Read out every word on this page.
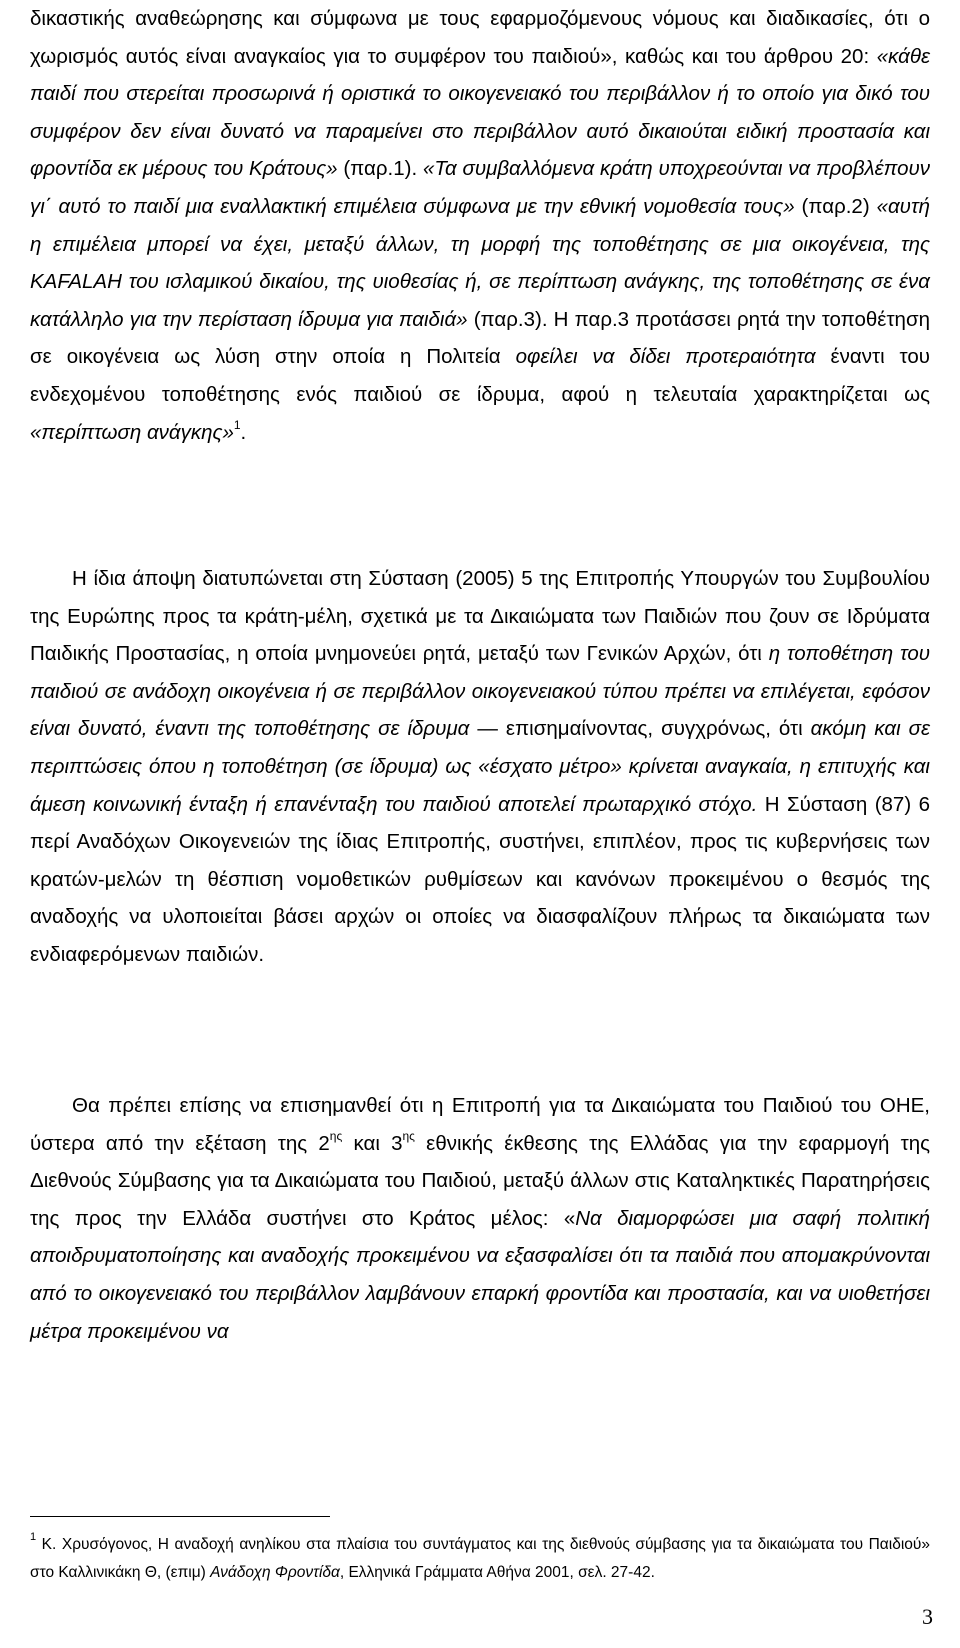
δικαστικής αναθεώρησης και σύμφωνα με τους εφαρμοζόμενους νόμους και διαδικασίες, ότι ο χωρισμός αυτός είναι αναγκαίος για το συμφέρον του παιδιού», καθώς και του άρθρου 20: «κάθε παιδί που στερείται προσωρινά ή οριστικά το οικογενειακό του περιβάλλον ή το οποίο για δικό του συμφέρον δεν είναι δυνατό να παραμείνει στο περιβάλλον αυτό δικαιούται ειδική προστασία και φροντίδα εκ μέρους του Κράτους» (παρ.1). «Τα συμβαλλόμενα κράτη υποχρεούνται να προβλέπουν γι΄ αυτό το παιδί μια εναλλακτική επιμέλεια σύμφωνα με την εθνική νομοθεσία τους» (παρ.2) «αυτή η επιμέλεια μπορεί να έχει, μεταξύ άλλων, τη μορφή της τοποθέτησης σε μια οικογένεια, της KAFALAH του ισλαμικού δικαίου, της υιοθεσίας ή, σε περίπτωση ανάγκης, της τοποθέτησης σε ένα κατάλληλο για την περίσταση ίδρυμα για παιδιά» (παρ.3). Η παρ.3 προτάσσει ρητά την τοποθέτηση σε οικογένεια ως λύση στην οποία η Πολιτεία οφείλει να δίδει προτεραιότητα έναντι του ενδεχομένου τοποθέτησης ενός παιδιού σε ίδρυμα, αφού η τελευταία χαρακτηρίζεται ως «περίπτωση ανάγκης»$^1$.

Η ίδια άποψη διατυπώνεται στη Σύσταση (2005) 5 της Επιτροπής Υπουργών του Συμβουλίου της Ευρώπης προς τα κράτη-μέλη, σχετικά με τα Δικαιώματα των Παιδιών που ζουν σε Ιδρύματα Παιδικής Προστασίας, η οποία μνημονεύει ρητά, μεταξύ των Γενικών Αρχών, ότι η τοποθέτηση του παιδιού σε ανάδοχη οικογένεια ή σε περιβάλλον οικογενειακού τύπου πρέπει να επιλέγεται, εφόσον είναι δυνατό, έναντι της τοποθέτησης σε ίδρυμα — επισημαίνοντας, συγχρόνως, ότι ακόμη και σε περιπτώσεις όπου η τοποθέτηση (σε ίδρυμα) ως «έσχατο μέτρο» κρίνεται αναγκαία, η επιτυχής και άμεση κοινωνική ένταξη ή επανένταξη του παιδιού αποτελεί πρωταρχικό στόχο. Η Σύσταση (87) 6 περί Αναδόχων Οικογενειών της ίδιας Επιτροπής, συστήνει, επιπλέον, προς τις κυβερνήσεις των κρατών-μελών τη θέσπιση νομοθετικών ρυθμίσεων και κανόνων προκειμένου ο θεσμός της αναδοχής να υλοποιείται βάσει αρχών οι οποίες να διασφαλίζουν πλήρως τα δικαιώματα των ενδιαφερόμενων παιδιών.

Θα πρέπει επίσης να επισημανθεί ότι η Επιτροπή για τα Δικαιώματα του Παιδιού του ΟΗΕ, ύστερα από την εξέταση της $2^{\eta\varsigma}$ και $3^{\eta\varsigma}$ εθνικής έκθεσης της Ελλάδας για την εφαρμογή της Διεθνούς Σύμβασης για τα Δικαιώματα του Παιδιού, μεταξύ άλλων στις Καταληκτικές Παρατηρήσεις της προς την Ελλάδα συστήνει στο Κράτος μέλος: «Να διαμορφώσει μια σαφή πολιτική αποιδρυματοποίησης και αναδοχής προκειμένου να εξασφαλίσει ότι τα παιδιά που απομακρύνονται από το οικογενειακό του περιβάλλον λαμβάνουν επαρκή φροντίδα και προστασία, και να υιοθετήσει μέτρα προκειμένου να

$^1$ Κ. Χρυσόγονος, Η αναδοχή ανηλίκου στα πλαίσια του συντάγματος και της διεθνούς σύμβασης για τα δικαιώματα του Παιδιού» στο Καλλινικάκη Θ, (επιμ) Ανάδοχη Φροντίδα, Ελληνικά Γράμματα Αθήνα 2001, σελ. 27-42.

3
